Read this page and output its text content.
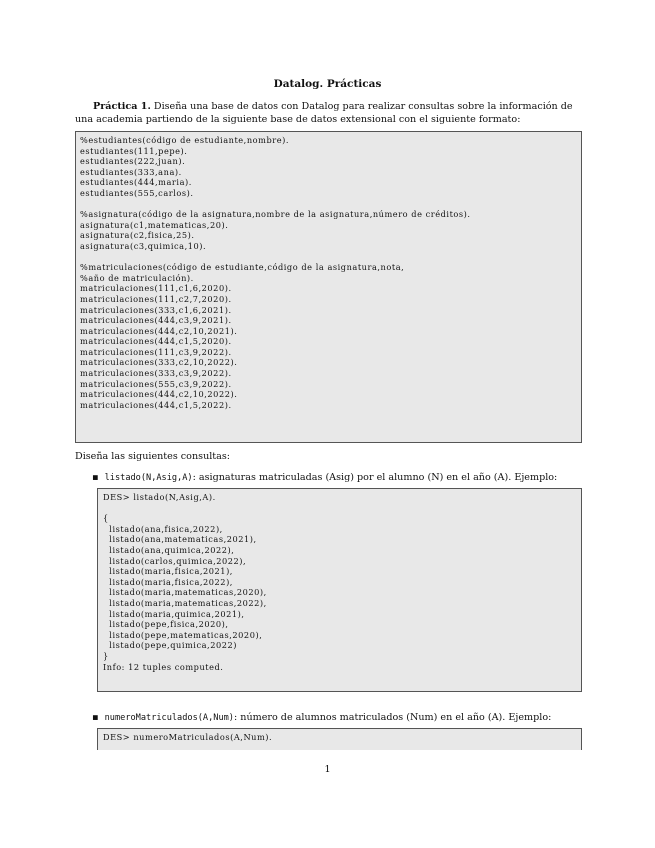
Datalog. Prácticas
Práctica 1. Diseña una base de datos con Datalog para realizar consultas sobre la información de una academia partiendo de la siguiente base de datos extensional con el siguiente formato:
%estudiantes(código de estudiante,nombre).
estudiantes(111,pepe).
estudiantes(222,juan).
estudiantes(333,ana).
estudiantes(444,maria).
estudiantes(555,carlos).
%asignatura(código de la asignatura,nombre de la asignatura,número de créditos).
asignatura(c1,matematicas,20).
asignatura(c2,fisica,25).
asignatura(c3,quimica,10).
%matriculaciones(código de estudiante,código de la asignatura,nota,
%año de matriculación).
matriculaciones(111,c1,6,2020).
matriculaciones(111,c2,7,2020).
matriculaciones(333,c1,6,2021).
matriculaciones(444,c3,9,2021).
matriculaciones(444,c2,10,2021).
matriculaciones(444,c1,5,2020).
matriculaciones(111,c3,9,2022).
matriculaciones(333,c2,10,2022).
matriculaciones(333,c3,9,2022).
matriculaciones(555,c3,9,2022).
matriculaciones(444,c2,10,2022).
matriculaciones(444,c1,5,2022).
Diseña las siguientes consultas:
▪ listado(N,Asig,A): asignaturas matriculadas (Asig) por el alumno (N) en el año (A). Ejemplo:
DES> listado(N,Asig,A).
{
listado(ana,fisica,2022),
listado(ana,matematicas,2021),
listado(ana,quimica,2022),
listado(carlos,quimica,2022),
listado(maria,fisica,2021),
listado(maria,fisica,2022),
listado(maria,matematicas,2020),
listado(maria,matematicas,2022),
listado(maria,quimica,2021),
listado(pepe,fisica,2020),
listado(pepe,matematicas,2020),
listado(pepe,quimica,2022)
}
Info: 12 tuples computed.
▪ numeroMatriculados(A,Num): número de alumnos matriculados (Num) en el año (A). Ejemplo:
DES> numeroMatriculados(A,Num).
1
